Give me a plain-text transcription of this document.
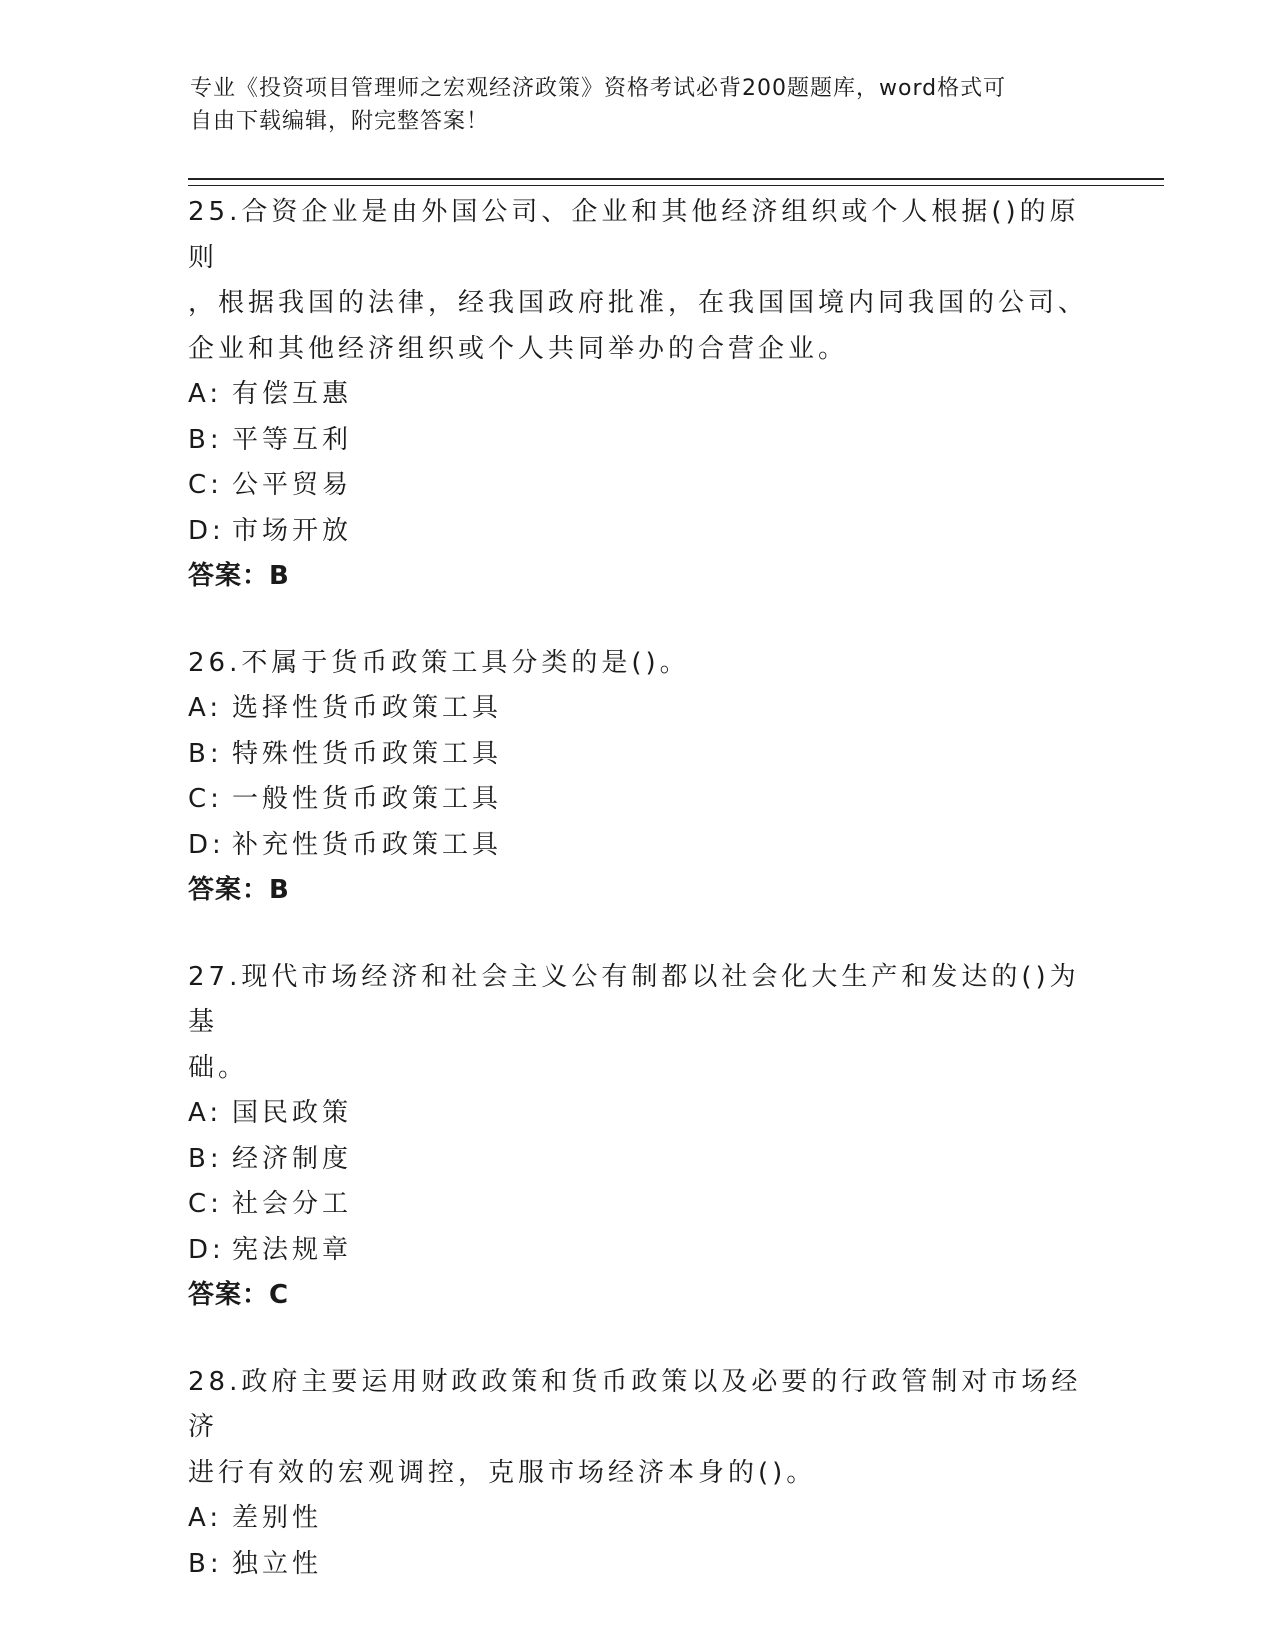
专业《投资项目管理师之宏观经济政策》资格考试必背200题题库，word格式可
自由下载编辑，附完整答案！
25.合资企业是由外国公司、企业和其他经济组织或个人根据()的原则
，根据我国的法律，经我国政府批准，在我国国境内同我国的公司、
企业和其他经济组织或个人共同举办的合营企业。
A: 有偿互惠
B: 平等互利
C: 公平贸易
D: 市场开放
答案：B
26.不属于货币政策工具分类的是()。
A: 选择性货币政策工具
B: 特殊性货币政策工具
C: 一般性货币政策工具
D: 补充性货币政策工具
答案：B
27.现代市场经济和社会主义公有制都以社会化大生产和发达的()为基
础。
A: 国民政策
B: 经济制度
C: 社会分工
D: 宪法规章
答案：C
28.政府主要运用财政政策和货币政策以及必要的行政管制对市场经济
进行有效的宏观调控，克服市场经济本身的()。
A: 差别性
B: 独立性
